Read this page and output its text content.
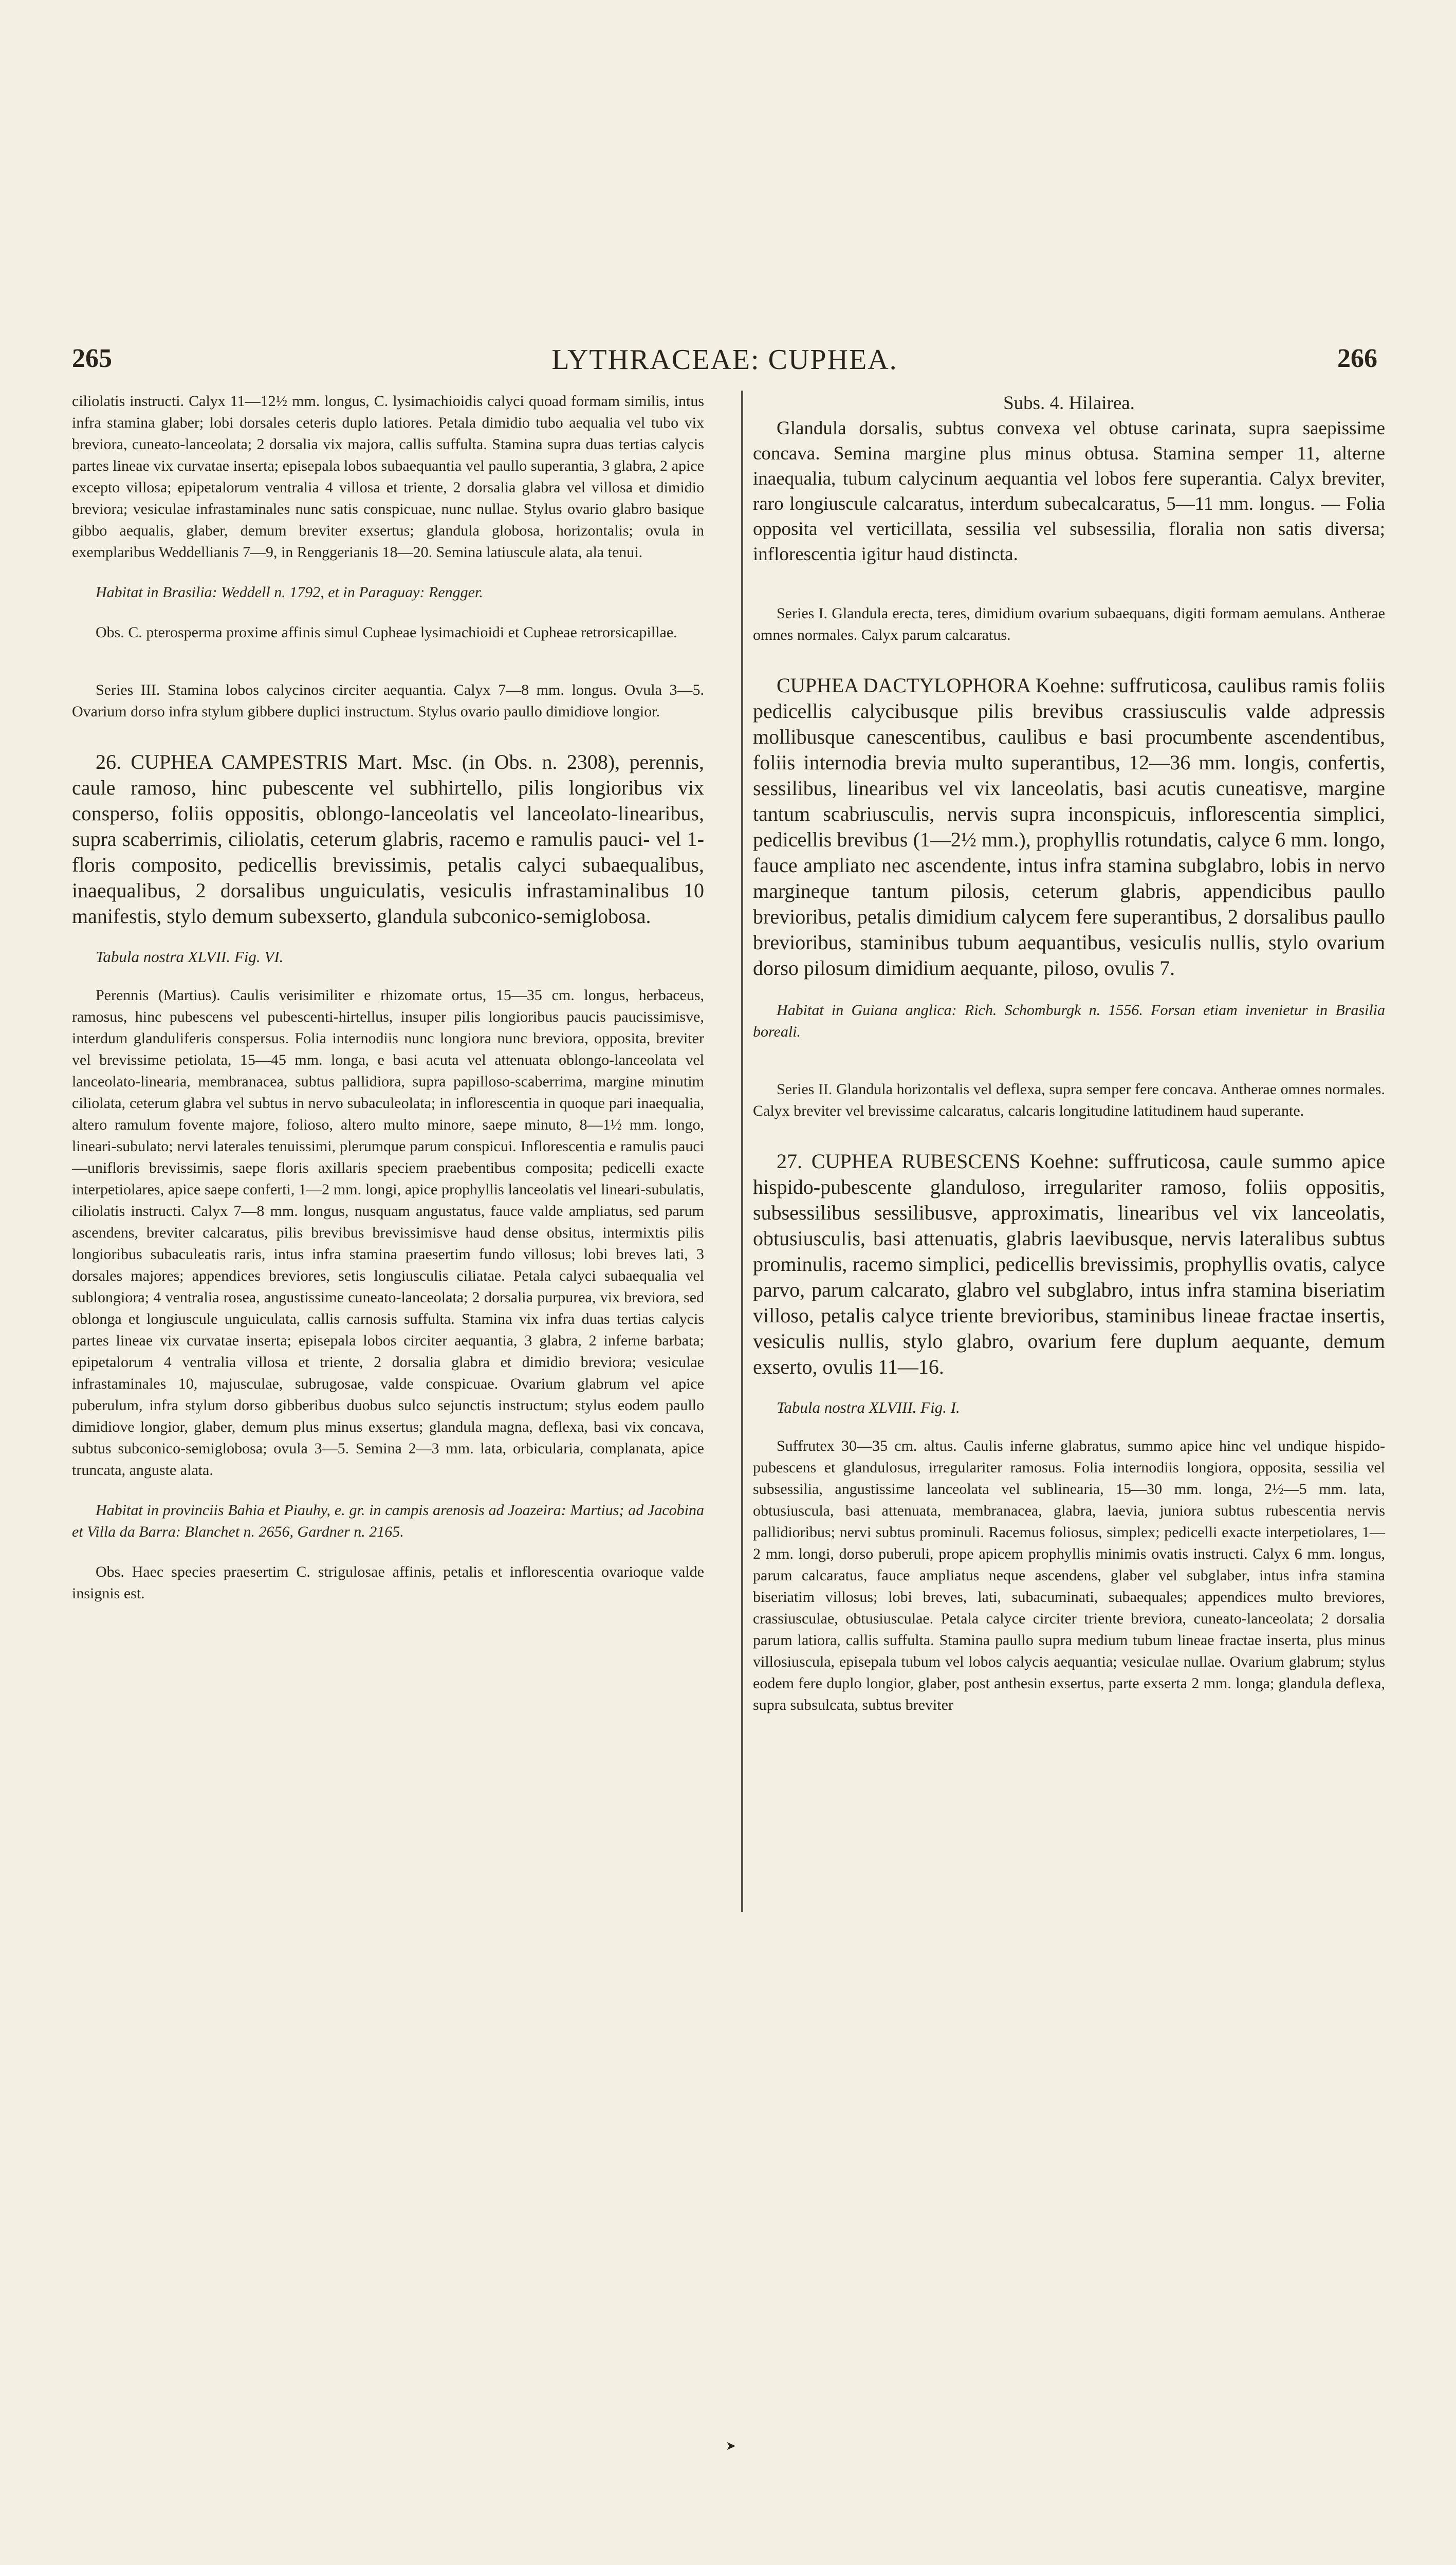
265	LYTHRACEAE: CUPHEA.	266

ciliolatis instructi. Calyx 11—12½ mm. longus, C. lysimachioidis calyci quoad formam similis, intus infra stamina glaber; lobi dorsales ceteris duplo latiores. Petala dimidio tubo aequalia vel tubo vix breviora, cuneato-lanceolata; 2 dorsalia vix majora, callis suffulta. Stamina supra duas tertias calycis partes lineae vix curvatae inserta; episepala lobos subaequantia vel paullo superantia, 3 glabra, 2 apice excepto villosa; epipetalorum ventralia 4 villosa et triente, 2 dorsalia glabra vel villosa et dimidio breviora; vesiculae infrastaminales nunc satis conspicuae, nunc nullae. Stylus ovario glabro basique gibbo aequalis, glaber, demum breviter exsertus; glandula globosa, horizontalis; ovula in exemplaribus Weddellianis 7—9, in Renggerianis 18—20. Semina latiuscule alata, ala tenui.

Habitat in Brasilia: Weddell n. 1792, et in Paraguay: Rengger.

Obs. C. pterosperma proxime affinis simul Cupheae lysimachioidi et Cupheae retrorsicapillae.

Series III. Stamina lobos calycinos circiter aequantia. Calyx 7—8 mm. longus. Ovula 3—5. Ovarium dorso infra stylum gibbere duplici instructum. Stylus ovario paullo dimidiove longior.

26. CUPHEA CAMPESTRIS Mart. Msc. (in Obs. n. 2308), perennis, caule ramoso, hinc pubescente vel subhirtello, pilis longioribus vix consperso, foliis oppositis, oblongo-lanceolatis vel lanceolato-linearibus, supra scaberrimis, ciliolatis, ceterum glabris, racemo e ramulis pauci- vel 1-floris composito, pedicellis brevissimis, petalis calyci subaequalibus, inaequalibus, 2 dorsalibus unguiculatis, vesiculis infrastaminalibus 10 manifestis, stylo demum subexserto, glandula subconico-semiglobosa.

Tabula nostra XLVII. Fig. VI.

Perennis (Martius). Caulis verisimiliter e rhizomate ortus, 15—35 cm. longus, herbaceus, ramosus, hinc pubescens vel pubescenti-hirtellus, insuper pilis longioribus paucis paucissimisve, interdum glanduliferis conspersus. Folia internodiis nunc longiora nunc breviora, opposita, breviter vel brevissime petiolata, 15—45 mm. longa, e basi acuta vel attenuata oblongo-lanceolata vel lanceolato-linearia, membranacea, subtus pallidiora, supra papilloso-scaberrima, margine minutim ciliolata, ceterum glabra vel subtus in nervo subaculeolata; in inflorescentia in quoque pari inaequalia, altero ramulum fovente majore, folioso, altero multo minore, saepe minuto, 8—1½ mm. longo, lineari-subulato; nervi laterales tenuissimi, plerumque parum conspicui. Inflorescentia e ramulis pauci—unifloris brevissimis, saepe floris axillaris speciem praebentibus composita; pedicelli exacte interpetiolares, apice saepe conferti, 1—2 mm. longi, apice prophyllis lanceolatis vel lineari-subulatis, ciliolatis instructi. Calyx 7—8 mm. longus, nusquam angustatus, fauce valde ampliatus, sed parum ascendens, breviter calcaratus, pilis brevibus brevissimisve haud dense obsitus, intermixtis pilis longioribus subaculeatis raris, intus infra stamina praesertim fundo villosus; lobi breves lati, 3 dorsales majores; appendices breviores, setis longiusculis ciliatae. Petala calyci subaequalia vel sublongiora; 4 ventralia rosea, angustissime cuneato-lanceolata; 2 dorsalia purpurea, vix breviora, sed oblonga et longiuscule unguiculata, callis carnosis suffulta. Stamina vix infra duas tertias calycis partes lineae vix curvatae inserta; episepala lobos circiter aequantia, 3 glabra, 2 inferne barbata; epipetalorum 4 ventralia villosa et triente, 2 dorsalia glabra et dimidio breviora; vesiculae infrastaminales 10, majusculae, subrugosae, valde conspicuae. Ovarium glabrum vel apice puberulum, infra stylum dorso gibberibus duobus sulco sejunctis instructum; stylus eodem paullo dimidiove longior, glaber, demum plus minus exsertus; glandula magna, deflexa, basi vix concava, subtus subconico-semiglobosa; ovula 3—5. Semina 2—3 mm. lata, orbicularia, complanata, apice truncata, anguste alata.

Habitat in provinciis Bahia et Piauhy, e. gr. in campis arenosis ad Joazeira: Martius; ad Jacobina et Villa da Barra: Blanchet n. 2656, Gardner n. 2165.

Obs. Haec species praesertim C. strigulosae affinis, petalis et inflorescentia ovarioque valde insignis est.

Subs. 4. Hilairea.

Glandula dorsalis, subtus convexa vel obtuse carinata, supra saepissime concava. Semina margine plus minus obtusa. Stamina semper 11, alterne inaequalia, tubum calycinum aequantia vel lobos fere superantia. Calyx breviter, raro longiuscule calcaratus, interdum subecalcaratus, 5—11 mm. longus. — Folia opposita vel verticillata, sessilia vel subsessilia, floralia non satis diversa; inflorescentia igitur haud distincta.

Series I. Glandula erecta, teres, dimidium ovarium subaequans, digiti formam aemulans. Antherae omnes normales. Calyx parum calcaratus.

CUPHEA DACTYLOPHORA Koehne: suffruticosa, caulibus ramis foliis pedicellis calycibusque pilis brevibus crassiusculis valde adpressis mollibusque canescentibus, caulibus e basi procumbente ascendentibus, foliis internodia brevia multo superantibus, 12—36 mm. longis, confertis, sessilibus, linearibus vel vix lanceolatis, basi acutis cuneatisve, margine tantum scabriusculis, nervis supra inconspicuis, inflorescentia simplici, pedicellis brevibus (1—2½ mm.), prophyllis rotundatis, calyce 6 mm. longo, fauce ampliato nec ascendente, intus infra stamina subglabro, lobis in nervo marginequе tantum pilosis, ceterum glabris, appendicibus paullo brevioribus, petalis dimidium calycem fere superantibus, 2 dorsalibus paullo brevioribus, staminibus tubum aequantibus, vesiculis nullis, stylo ovarium dorso pilosum dimidium aequante, piloso, ovulis 7.

Habitat in Guiana anglica: Rich. Schomburgk n. 1556. Forsan etiam invenietur in Brasilia boreali.

Series II. Glandula horizontalis vel deflexa, supra semper fere concava. Antherae omnes normales. Calyx breviter vel brevissime calcaratus, calcaris longitudine latitudinem haud superante.

27. CUPHEA RUBESCENS Koehne: suffruticosa, caule summo apice hispido-pubescente glanduloso, irregulariter ramoso, foliis oppositis, subsessilibus sessilibusve, approximatis, linearibus vel vix lanceolatis, obtusiusculis, basi attenuatis, glabris laevibusque, nervis lateralibus subtus prominulis, racemo simplici, pedicellis brevissimis, prophyllis ovatis, calyce parvo, parum calcarato, glabro vel subglabro, intus infra stamina biseriatim villoso, petalis calyce triente brevioribus, staminibus lineae fractae insertis, vesiculis nullis, stylo glabro, ovarium fere duplum aequante, demum exserto, ovulis 11—16.

Tabula nostra XLVIII. Fig. I.

Suffrutex 30—35 cm. altus. Caulis inferne glabratus, summo apice hinc vel undique hispido-pubescens et glandulosus, irregulariter ramosus. Folia internodiis longiora, opposita, sessilia vel subsessilia, angustissime lanceolata vel sublinearia, 15—30 mm. longa, 2½—5 mm. lata, obtusiuscula, basi attenuata, membranacea, glabra, laevia, juniora subtus rubescentia nervis pallidioribus; nervi subtus prominuli. Racemus foliosus, simplex; pedicelli exacte interpetiolares, 1—2 mm. longi, dorso puberuli, prope apicem prophyllis minimis ovatis instructi. Calyx 6 mm. longus, parum calcaratus, fauce ampliatus neque ascendens, glaber vel subglaber, intus infra stamina biseriatim villosus; lobi breves, lati, subacuminati, subaequales; appendices multo breviores, crassiusculae, obtusiusculae. Petala calyce circiter triente breviora, cuneato-lanceolata; 2 dorsalia parum latiora, callis suffulta. Stamina paullo supra medium tubum lineae fractae inserta, plus minus villosiuscula, episepala tubum vel lobos calycis aequantia; vesiculae nullae. Ovarium glabrum; stylus eodem fere duplo longior, glaber, post anthesin exsertus, parte exserta 2 mm. longa; glandula deflexa, supra subsulcata, subtus breviter

➤
